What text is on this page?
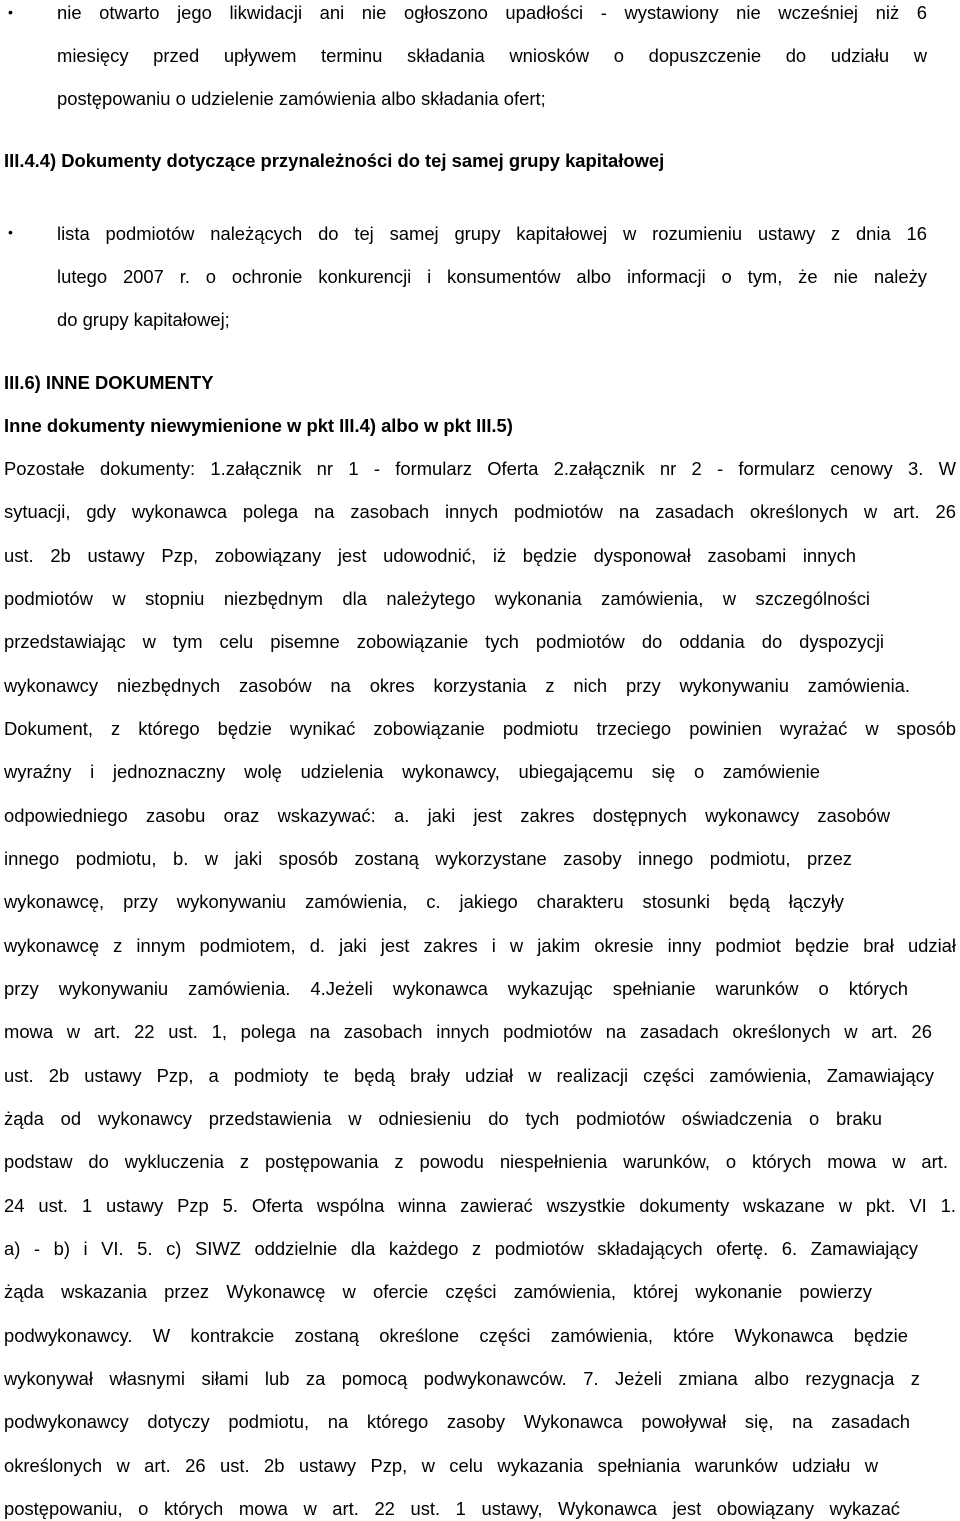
• nie otwarto jego likwidacji ani nie ogłoszono upadłości - wystawiony nie wcześniej niż 6
miesięcy przed upływem terminu składania wniosków o dopuszczenie do udziału w
postępowaniu o udzielenie zamówienia albo składania ofert;
III.4.4) Dokumenty dotyczące przynależności do tej samej grupy kapitałowej
• lista podmiotów należących do tej samej grupy kapitałowej w rozumieniu ustawy z dnia 16
lutego 2007 r. o ochronie konkurencji i konsumentów albo informacji o tym, że nie należy
do grupy kapitałowej;
III.6) INNE DOKUMENTY
Inne dokumenty niewymienione w pkt III.4) albo w pkt III.5)
Pozostałe dokumenty: 1.załącznik nr 1 - formularz Oferta 2.załącznik nr 2 - formularz cenowy 3. W
sytuacji, gdy wykonawca polega na zasobach innych podmiotów na zasadach określonych w art. 26
ust. 2b ustawy Pzp, zobowiązany jest udowodnić, iż będzie dysponował zasobami innych
podmiotów w stopniu niezbędnym dla należytego wykonania zamówienia, w szczególności
przedstawiając w tym celu pisemne zobowiązanie tych podmiotów do oddania do dyspozycji
wykonawcy niezbędnych zasobów na okres korzystania z nich przy wykonywaniu zamówienia.
Dokument, z którego będzie wynikać zobowiązanie podmiotu trzeciego powinien wyrażać w sposób
wyraźny i jednoznaczny wolę udzielenia wykonawcy, ubiegającemu się o zamówienie
odpowiedniego zasobu oraz wskazywać: a. jaki jest zakres dostępnych wykonawcy zasobów
innego podmiotu, b. w jaki sposób zostaną wykorzystane zasoby innego podmiotu, przez
wykonawcę, przy wykonywaniu zamówienia, c. jakiego charakteru stosunki będą łączyły
wykonawcę z innym podmiotem, d. jaki jest zakres i w jakim okresie inny podmiot będzie brał udział
przy wykonywaniu zamówienia. 4.Jeżeli wykonawca wykazując spełnianie warunków o których
mowa w art. 22 ust. 1, polega na zasobach innych podmiotów na zasadach określonych w art. 26
ust. 2b ustawy Pzp, a podmioty te będą brały udział w realizacji części zamówienia, Zamawiający
żąda od wykonawcy przedstawienia w odniesieniu do tych podmiotów oświadczenia o braku
podstaw do wykluczenia z postępowania z powodu niespełnienia warunków, o których mowa w art.
24 ust. 1 ustawy Pzp 5. Oferta wspólna winna zawierać wszystkie dokumenty wskazane w pkt. VI 1.
a) - b) i VI. 5. c) SIWZ oddzielnie dla każdego z podmiotów składających ofertę. 6. Zamawiający
żąda wskazania przez Wykonawcę w ofercie części zamówienia, której wykonanie powierzy
podwykonawcy. W kontrakcie zostaną określone części zamówienia, które Wykonawca będzie
wykonywał własnymi siłami lub za pomocą podwykonawców. 7. Jeżeli zmiana albo rezygnacja z
podwykonawcy dotyczy podmiotu, na którego zasoby Wykonawca powoływał się, na zasadach
określonych w art. 26 ust. 2b ustawy Pzp, w celu wykazania spełniania warunków udziału w
postępowaniu, o których mowa w art. 22 ust. 1 ustawy, Wykonawca jest obowiązany wykazać
